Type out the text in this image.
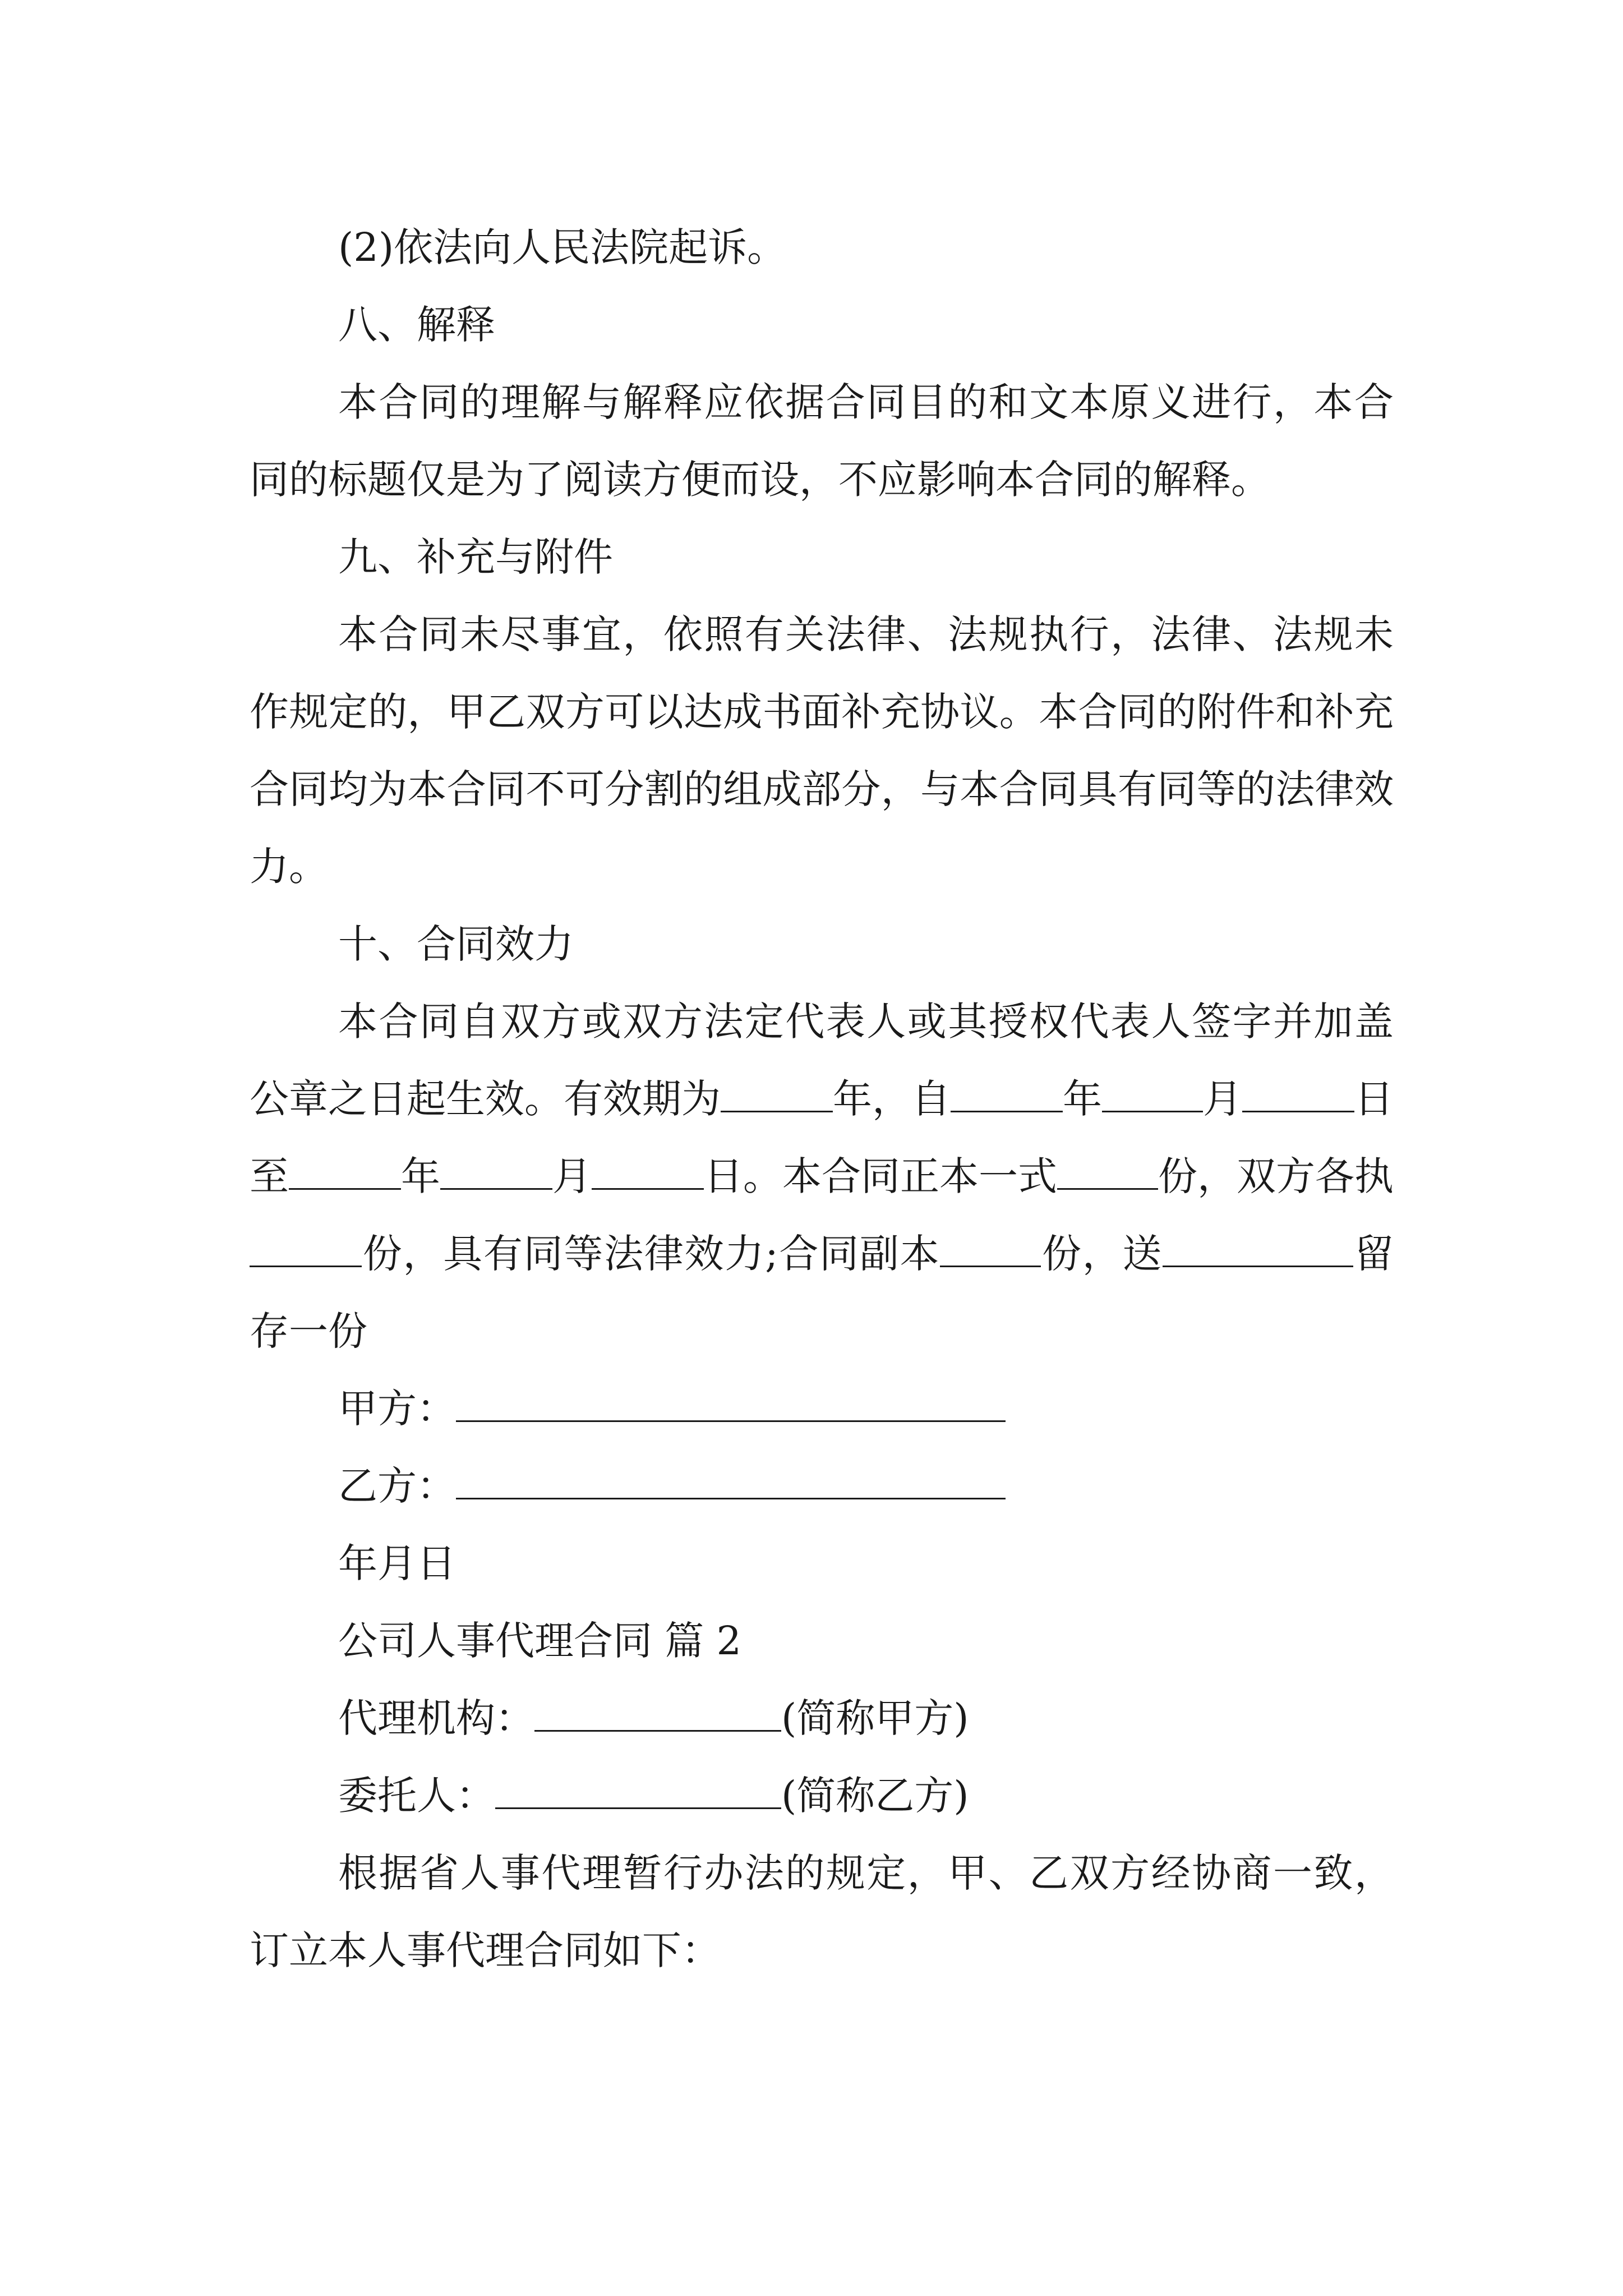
(2)依法向人民法院起诉。

八、解释

本合同的理解与解释应依据合同目的和文本原义进行，本合同的标题仅是为了阅读方便而设，不应影响本合同的解释。

九、补充与附件

本合同未尽事宜，依照有关法律、法规执行，法律、法规未作规定的，甲乙双方可以达成书面补充协议。本合同的附件和补充合同均为本合同不可分割的组成部分，与本合同具有同等的法律效力。

十、合同效力

本合同自双方或双方法定代表人或其授权代表人签字并加盖公章之日起生效。有效期为	年，自	年	月	日至	年	月	日。本合同正本一式	份，双方各执份，具有同等法律效力;合同副本	份，送	留存一份

甲方：

乙方：

年月日

公司人事代理合同 篇 2

代理机构：	(简称甲方)

委托人：	(简称乙方)

根据省人事代理暂行办法的规定，甲、乙双方经协商一致，订立本人事代理合同如下：
